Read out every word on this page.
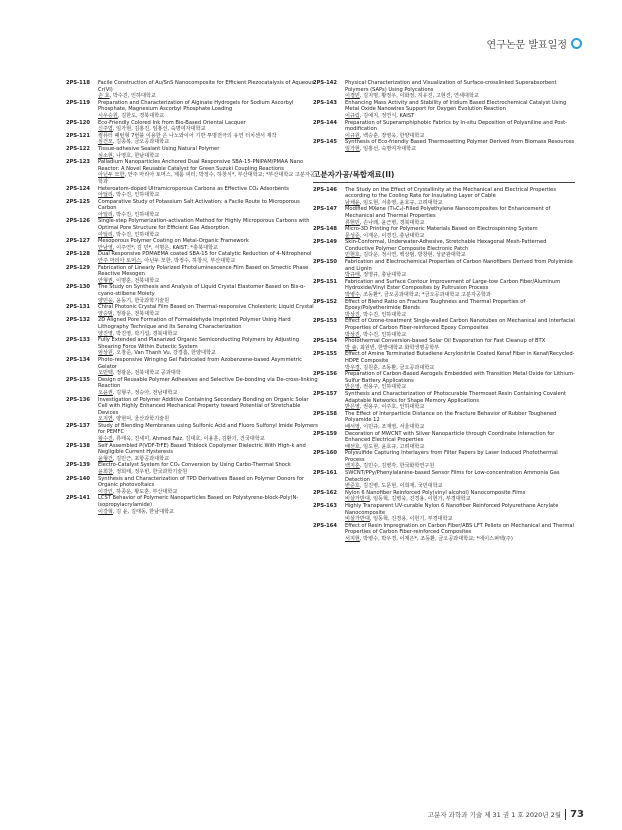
연구논문 발표일정
2PS-118	Facile Construction of Au/SnS Nanocomposite for Efficient Piezocatalysis of Aqueous Cr(VI)
손 효, 박수진, 인하대학교
2PS-119	Preparation and Characterization of Alginate Hydrogels for Sodium Ascorbyl Phosphate, Magnesium Ascorbyl Phosphate Loading
시우승원, 김한도, 경북대학교
2PS-120	Eco-Friendly Colored Ink from Bio-Based Oriental Lacquer
신주엽, 임가현, 김홍진, 임홍선, 숙명여자대학교
2PS-121	컴퓨터 패턴형 7번블 이용한 은 나노와이어 기반 투명전극의 유연 터치센서 제작
심건모, 김종복, 금오공과대학교
2PS-122	Tissue-adhesive Sealant Using Natural Polymer
심소현, 나영호, 한남대학교
2PS-123	Palladium Nanoparticles Anchored Dual Responsive SBA-15-PNIPAM/PMAA Nano Reactor: A Novel Reusable Catalyst for Green Suzuki Coupling Reactions
아닌두 모한, 안주 마리아 토머스, 제롬 피터, 박정수, 하창식*, 부산대학교; *부산대학교 고분자공학과
2PS-124	Heteroatom-doped Ultramicroporous Carbons as Effective CO₂ Adsorbents
아딜리, 박수진, 인하대학교
2PS-125	Comparative Study of Potassium Salt Activation: a Facile Route to Microporous Carbon
아딜리, 박수진, 인하대학교
2PS-126	Single-step Polymerization-activation Method for Highly Microporous Carbons with Optimal Pore Structure for Efficient Gas Adsorption
아딜리, 박수진, 인하대학교
2PS-127	Mesoporous Polymer Coating on Metal-Organic Framework
안남영, 이주연*, 김 민*, 서명은, KAIST; *충북대학교
2PS-128	Dual Responsive PDMAEMA coated SBA-15 for Catalytic Reduction of 4-Nitrophenol
안주 마리아 토머스, 아닌두 모한, 박정수, 하창식, 부산대학교
2PS-129	Fabrication of Linearly Polarized Photoluminescence Film Based on Smectic Phase Reactive Mesogen
안형권, 이명훈, 전북대학교
2PS-130	The Study on Synthesis and Analysis of Liquid Crystal Elastomer Based on Bis-α-cyano-stilbene Moiety
양민웅, 윤동기, 한국과학기술원
2PS-131	Chiral Photonic Crystal Film Based on Thermal-responsive Cholesteric Liquid Crystal
양승범, 정광운, 전북대학교
2PS-132	2D Aligned Pore Formation of Formaldehyde Imprinted Polymer Using Hard Lithography Technique and Its Sensing Characterization
양진영, 박진영, 곽기섭, 경북대학교
2PS-133	Fully Extended and Planarized Organic Semiconducting Polymers by Adjusting Shearing Force Within Eutectic System
엄상원, 오창준, Van Thanh Vu, 강경흠, 한양대학교
2PS-134	Photo-responsive Wringing Gel Fabricated from Azobenzene-based Asymmetric Gelator
오민택, 정광운, 전북대학교 공과대학
2PS-135	Design of Reusable Polymer Adhesives and Selective De-bonding via De-cross-linking Reaction
오윤권, 김형구, 정승아, 전남대학교
2PS-136	Investigation of Polymer Additive Containing Secondary Bonding on Organic Solar Cell with Highly Enhanced Mechanical Property toward Potential of Stretchable Devices
오지연, 양현덕, 울산과학기술원
2PS-137	Study of Blending Membranes using Sulfonic Acid and Fluoro Sulfonyl Imide Polymers for PEMFC
왕수진, 류태욱, 진세미, Ahmed Faiz, 김대호, 이용훈, 김환기, 건국대학교
2PS-138	Self Assembled P(VDF-TrFE) Based Triblock Copolymer Dielectric With High-k and Negligible Current Hysteresis
윤형건, 김민근, 포항공과대학교
2PS-139	Electro-Catalyst System for CO₂ Conversion by Using Carbo-Thermal Shock
윤희찬, 정희태, 정우빈, 한국과학기술원
2PS-140	Synthesis and Characterization of TPD Derivatives Based on Polymer Donors for Organic photovoltaics
이강인, 하종운, 황도훈, 부산대학교
2PS-141	LCST Behavior of Polymeric Nanoparticles Based on Polystyrene-block-Poly(N-isopropylacrylamide)
이강혁, 김 윤, 김태동, 한남대학교
2PS-142	Physical Characterization and Visualization of Surface-crosslinked Superabsorbent Polymers (SAPs) Using Polycations
이경민, 김지명, 황정우, 이화정, 지유진, 고현진, 연세대학교
2PS-143	Enhancing Mass Activity and Stability of Iridium Based Electrochemical Catalyst Using Metal Oxide Nanowires Support for Oxygen Evolution Reaction
이규림, 김예지, 정연식, KAIST
2PS-144	Preparation of Superamphiphobic Fabrics by In-situ Deposition of Polyaniline and Post-modification
이규원, 백승훈, 장영욱, 한양대학교
2PS-145	Synthesis of Eco-friendly Based Thermosetting Polymer Derived from Biomass Resources
임가현, 임홍선, 숙명여자대학교
고분자가공/복합재료(II)
2PS-146	The Study on the Effect of Crystallinity at the Mechanical and Electrical Properties according to the Cooling Rate for Insulating Layer of Cable
남채윤, 임도현, 서충영, 윤호규, 고려대학교
2PS-147	Modified MXene (Ti₃C₂)-Filled Polyethylene Nanocomposites for Enhancement of Mechanical and Thermal Properties
류현민, 손나래, 윤근병, 경북대학교
2PS-148	Micro-3D Printing for Polymeric Materials Based on Electrospinning System
문성준, 이재운, 이경진, 충남대학교
2PS-149	Skin-Conformal, Underwater-Adhesive, Stretchable Hexagonal Mesh-Patterned Conductive Polymer Composite Electronic Patch
민현호, 김다운, 정시연, 백상범, 방창현, 성균관대학교
2PS-150	Fabrication and Electrochemical Properties of Carbon Nanofibers Derived from Polyimide and Lignin
박규태, 정영규, 충남대학교
2PS-151	Fabrication and Surface Contour Improvement of Large-tow Carbon Fiber/Aluminum Hydroxide/Vinyl Ester Composites by Pultrusion Process
박병수, 조동환*, 금오공과대학교; *금오공과대학교 고분자공학과
2PS-152	Effect of Blend Ratio on Fracture Toughness and Thermal Properties of Epoxy/Polyetherimide Blends
박상진, 박수진, 인하대학교
2PS-153	Effect of Ozone-treatment Single-walled Carbon Nanotubes on Mechanical and Interfacial Properties of Carbon Fiber-reinforced Epoxy Composites
박상진, 박수진, 인하대학교
2PS-154	Photothermal Conversion-based Solar Oil Evaporation for Fast Cleanup of BTX
박 솔, 최원빈, 한밭대학교 화학생명공학부
2PS-155	Effect of Amine Terminated Butadiene Acrylonitrile Coated Kenaf Fiber in Kenaf/Recycled-HDPE Composite
박우경, 김원훈, 조동환, 금오공과대학교
2PS-156	Preparation of Carbon-Based Aerogels Embedded with Transition Metal Oxide for Lithium-Sulfur Battery Applications
반은영, 권용구, 인하대학교
2PS-157	Synthesis and Characterization of Photocurable Thermoset Resin Containing Covalent Adaptable Networks for Shape Memory Applications
반은영, 권용구, 이주호, 인하대학교
2PS-158	The Effect of Interparticle Distance on the Fracture Behavior of Rubber Toughened Polyamide 12
배서영, 이민규, 조재영, 서울대학교
2PS-159	Decoration of MWCNT with Silver Nanoparticle through Coordinate Interaction for Enhanced Electrical Properties
배선호, 임도현, 윤호규, 고려대학교
2PS-160	Polysulfide Capturing Interlayers from Filter Papers by Laser Induced Photothermal Process
백지훈, 김민수, 김병각, 한국화학연구원
2PS-161	SWCNT/PPy/Phenylalanine-based Sensor Films for Low-concentration Ammonia Gas Detection
변준호, 김진병, 도문현, 이희재, 국민대학교
2PS-162	Nylon 6 Nanofiber Reinforced Poly(vinyl alcohol) Nanocomposite Films
비살가반대, 임동혁, 김병욱, 진경용, 이헌기, 부경대학교
2PS-163	Highly Transparent UV-curable Nylon 6 Nanofiber Reinforced Polyurethane Acrylate Nanocomposite
비살가반대, 임동혁, 진경용, 이헌기, 부경대학교
2PS-164	Effect of Resin Impregnation on Carbon Fiber/ABS LFT Pellets on Mechanical and Thermal Properties of Carbon Fiber-reinforced Composites
서지현, 박병수, 박우경, 이재은*, 조동환, 금오공과대학교; *에이스퍼텍(주)
고분자 과학과 기술 제 31 권 1 호 2020년 2월 73
